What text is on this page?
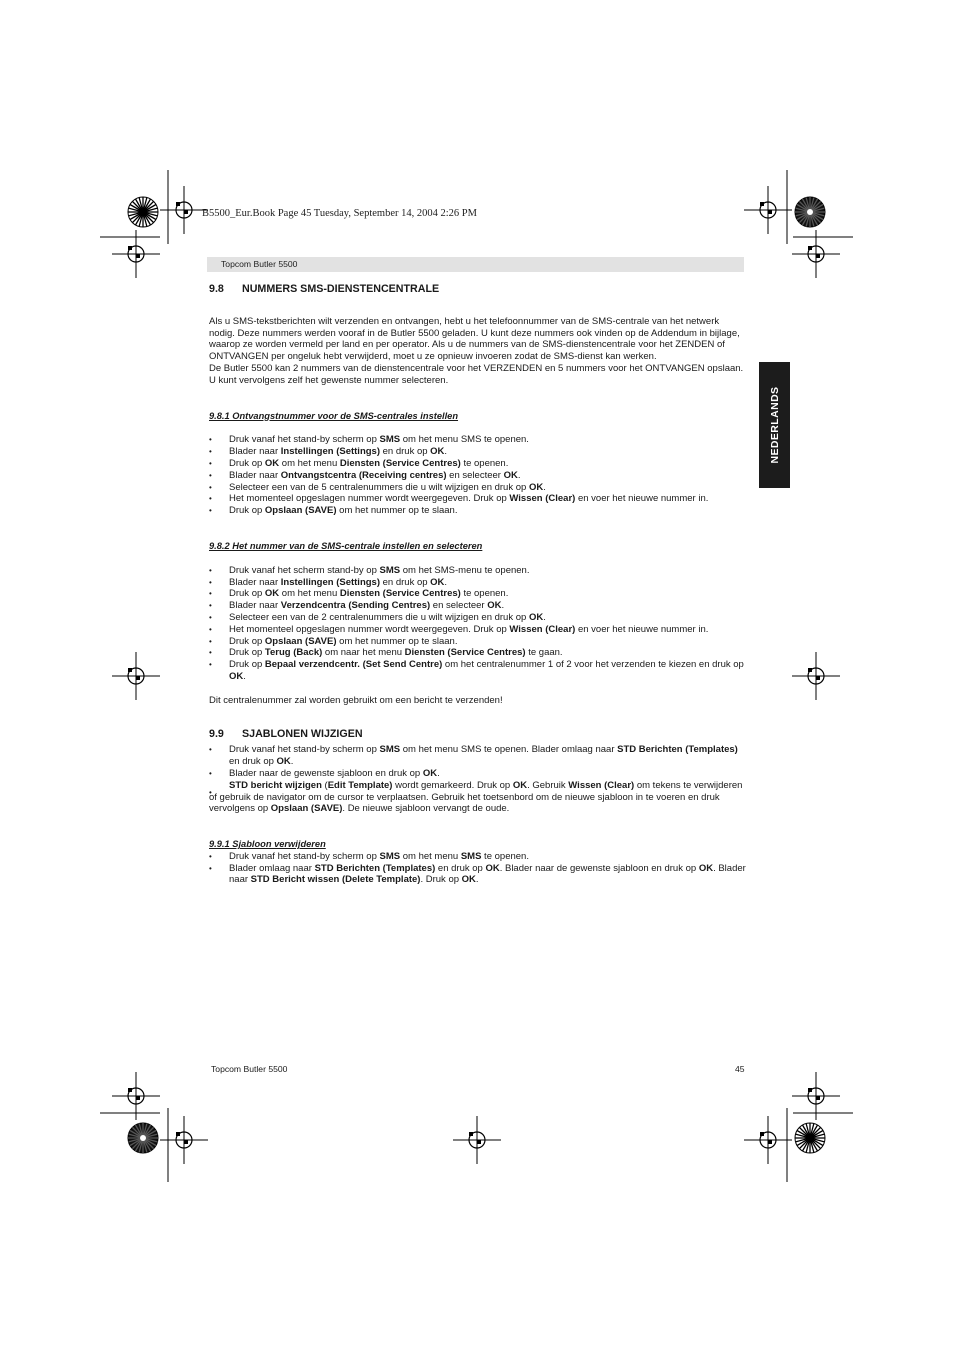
B5500_Eur.Book Page 45 Tuesday, September 14, 2004 2:26 PM
Topcom Butler 5500
NEDERLANDS
9.8	NUMMERS SMS-DIENSTENCENTRALE

Als u SMS-tekstberichten wilt verzenden en ontvangen, hebt u het telefoonnummer van de SMS-centrale van het netwerk nodig. Deze nummers werden vooraf in de Butler 5500 geladen. U kunt deze nummers ook vinden op de Addendum in bijlage, waarop ze worden vermeld per land en per operator. Als u de nummers van de SMS-dienstencentrale voor het ZENDEN of ONTVANGEN per ongeluk hebt verwijderd, moet u ze opnieuw invoeren zodat de SMS-dienst kan werken.

De Butler 5500 kan 2 nummers van de dienstencentrale voor het VERZENDEN en 5 nummers voor het ONTVANGEN opslaan. U kunt vervolgens zelf het gewenste nummer selecteren.

9.8.1 Ontvangstnummer voor de SMS-centrales instellen
• Druk vanaf het stand-by scherm op SMS om het menu SMS te openen.
• Blader naar Instellingen (Settings) en druk op OK.
• Druk op OK om het menu Diensten (Service Centres) te openen.
• Blader naar Ontvangstcentra (Receiving centres) en selecteer OK.
• Selecteer een van de 5 centralenummers die u wilt wijzigen en druk op OK.
• Het momenteel opgeslagen nummer wordt weergegeven. Druk op Wissen (Clear) en voer het nieuwe nummer in.
• Druk op Opslaan (SAVE) om het nummer op te slaan.
9.8.2 Het nummer van de SMS-centrale instellen en selecteren
• Druk vanaf het scherm stand-by op SMS om het SMS-menu te openen.
• Blader naar Instellingen (Settings) en druk op OK.
• Druk op OK om het menu Diensten (Service Centres) te openen.
• Blader naar Verzendcentra (Sending Centres) en selecteer OK.
• Selecteer een van de 2 centralenummers die u wilt wijzigen en druk op OK.
• Het momenteel opgeslagen nummer wordt weergegeven. Druk op Wissen (Clear) en voer het nieuwe nummer in.
• Druk op Opslaan (SAVE) om het nummer op te slaan.
• Druk op Terug (Back) om naar het menu Diensten (Service Centres) te gaan.
• Druk op Bepaal verzendcentr. (Set Send Centre) om het centralenummer 1 of 2 voor het verzenden te kiezen en druk op OK.

Dit centralenummer zal worden gebruikt om een bericht te verzenden!

9.9	SJABLONEN WIJZIGEN
• Druk vanaf het stand-by scherm op SMS om het menu SMS te openen. Blader omlaag naar STD Berichten (Templates) en druk op OK.
• Blader naar de gewenste sjabloon en druk op OK.
STD bericht wijzigen (Edit Template) wordt gemarkeerd. Druk op OK. Gebruik Wissen (Clear) om tekens te verwijderen of gebruik de navigator om de cursor te verplaatsen. Gebruik het toetsenbord om de nieuwe sjabloon in te voeren en druk vervolgens op Opslaan (SAVE). De nieuwe sjabloon vervangt de oude.
9.9.1 Sjabloon verwijderen
• Druk vanaf het stand-by scherm op SMS om het menu SMS te openen.
• Blader omlaag naar STD Berichten (Templates) en druk op OK. Blader naar de gewenste sjabloon en druk op OK. Blader naar STD Bericht wissen (Delete Template). Druk op OK.
Topcom Butler 5500	45
